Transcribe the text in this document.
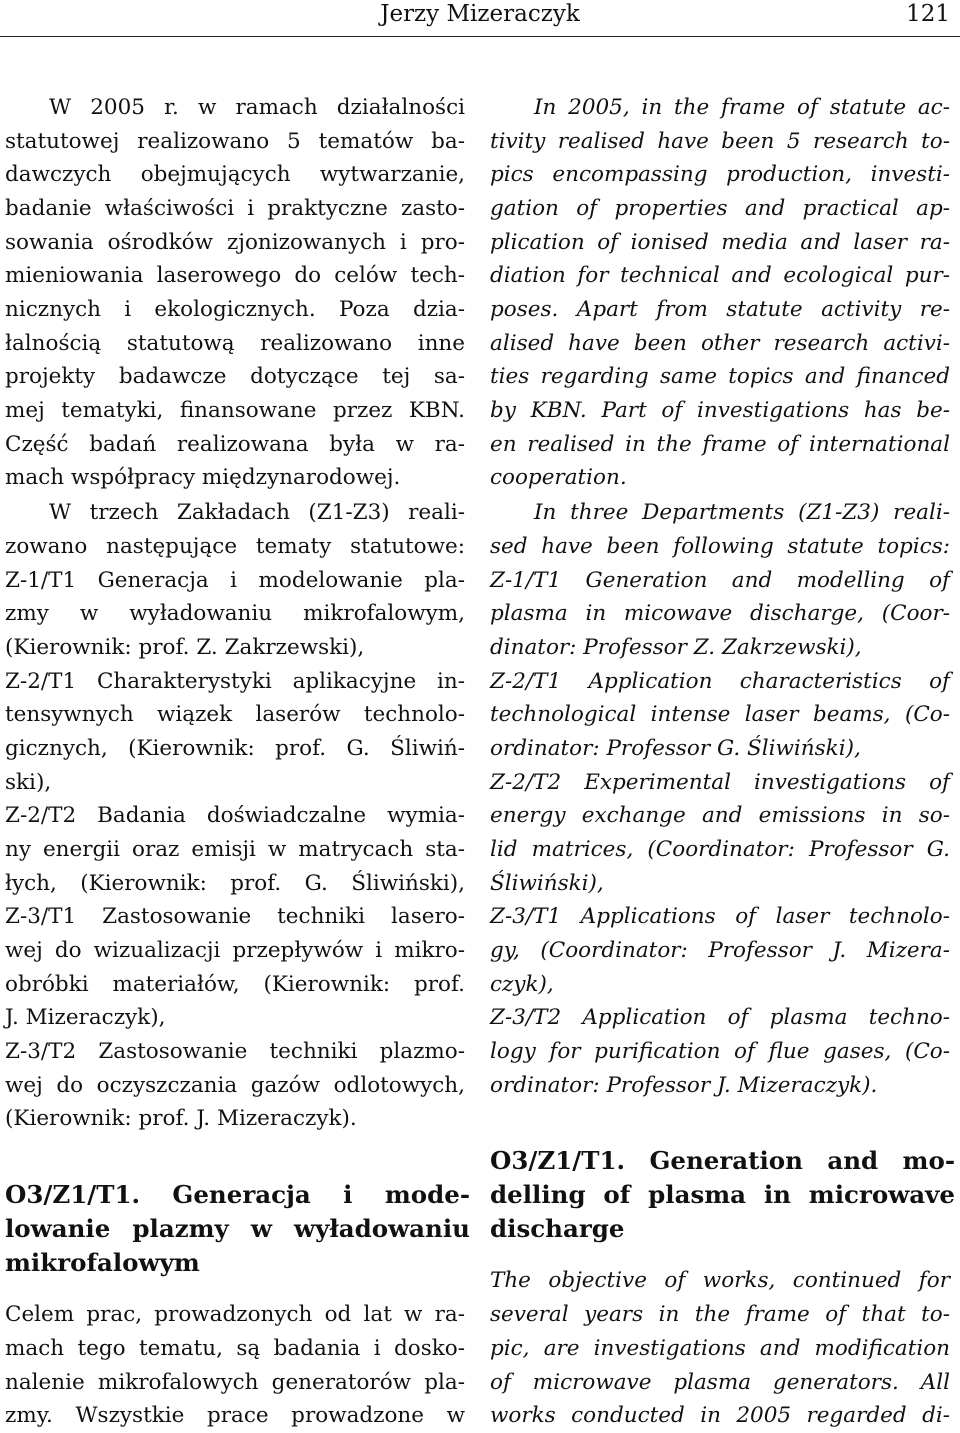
Jerzy Mizeraczyk	121
W 2005 r. w ramach działalności
statutowej realizowano 5 tematów ba-
dawczych obejmujących wytwarzanie,
badanie właściwości i praktyczne zasto-
sowania ośrodków zjonizowanych i pro-
mieniowania laserowego do celów tech-
nicznych i ekologicznych. Poza dzia-
łalnością statutową realizowano inne
projekty badawcze dotyczące tej sa-
mej tematyki, finansowane przez KBN.
Część badań realizowana była w ra-
mach współpracy międzynarodowej.
W trzech Zakładach (Z1-Z3) reali-
zowano następujące tematy statutowe:
Z-1/T1 Generacja i modelowanie pla-
zmy w wyładowaniu mikrofalowym,
(Kierownik: prof. Z. Zakrzewski),
Z-2/T1 Charakterystyki aplikacyjne in-
tensywnych wiązek laserów technolo-
gicznych, (Kierownik: prof. G. Śliwiń-
ski),
Z-2/T2 Badania doświadczalne wymia-
ny energii oraz emisji w matrycach sta-
łych, (Kierownik: prof. G. Śliwiński),
Z-3/T1 Zastosowanie techniki lasero-
wej do wizualizacji przepływów i mikro-
obróbki materiałów, (Kierownik: prof.
J. Mizeraczyk),
Z-3/T2 Zastosowanie techniki plazmo-
wej do oczyszczania gazów odlotowych,
(Kierownik: prof. J. Mizeraczyk).
O3/Z1/T1. Generacja i mode-
lowanie plazmy w wyładowaniu
mikrofalowym
Celem prac, prowadzonych od lat w ra-
mach tego tematu, są badania i dosko-
nalenie mikrofalowych generatorów pla-
zmy. Wszystkie prace prowadzone w
In 2005, in the frame of statute ac-
tivity realised have been 5 research to-
pics encompassing production, investi-
gation of properties and practical ap-
plication of ionised media and laser ra-
diation for technical and ecological pur-
poses. Apart from statute activity re-
alised have been other research activi-
ties regarding same topics and financed
by KBN. Part of investigations has be-
en realised in the frame of international
cooperation.
In three Departments (Z1-Z3) reali-
sed have been following statute topics:
Z-1/T1 Generation and modelling of
plasma in micowave discharge, (Coor-
dinator: Professor Z. Zakrzewski),
Z-2/T1 Application characteristics of
technological intense laser beams, (Co-
ordinator: Professor G. Śliwiński),
Z-2/T2 Experimental investigations of
energy exchange and emissions in so-
lid matrices, (Coordinator: Professor G.
Śliwiński),
Z-3/T1 Applications of laser technolo-
gy, (Coordinator: Professor J. Mizera-
czyk),
Z-3/T2 Application of plasma techno-
logy for purification of flue gases, (Co-
ordinator: Professor J. Mizeraczyk).
O3/Z1/T1. Generation and mo-
delling of plasma in microwave
discharge
The objective of works, continued for
several years in the frame of that to-
pic, are investigations and modification
of microwave plasma generators. All
works conducted in 2005 regarded di-
